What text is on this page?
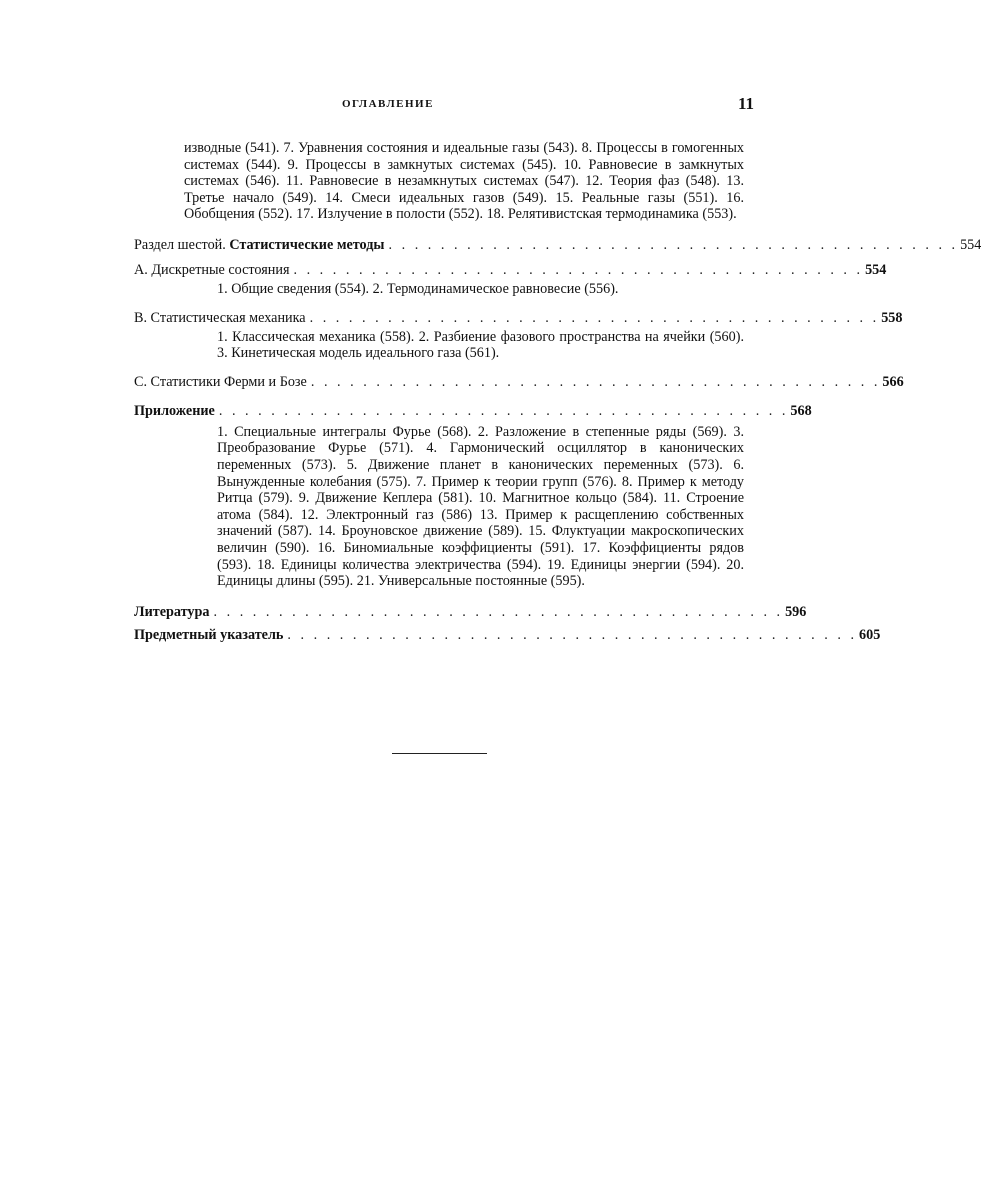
ОГЛАВЛЕНИЕ	11
изводные (541). 7. Уравнения состояния и идеальные газы (543). 8. Процессы в гомогенных системах (544). 9. Процессы в замкнутых системах (545). 10. Равновесие в замкнутых системах (546). 11. Равновесие в незамкнутых системах (547). 12. Теория фаз (548). 13. Третье начало (549). 14. Смеси идеальных газов (549). 15. Реальные газы (551). 16. Обобщения (552). 17. Излучение в полости (552). 18. Релятивистская термодинамика (553).
Раздел шестой. Статистические методы . . . . . . . . . . . . . . . . . . . . . . . . . . . . . . . . . . . . . . . . . . . . 554
А. Дискретные состояния . . . . . . . . . . . . . . . . . . . . . . . . . . . . . . . . . . . . . . . . . . . . 554
1. Общие сведения (554). 2. Термодинамическое равновесие (556).
В. Статистическая механика . . . . . . . . . . . . . . . . . . . . . . . . . . . . . . . . . . . . . . . . . . . . 558
1. Классическая механика (558). 2. Разбиение фазового пространства на ячейки (560). 3. Кинетическая модель идеального газа (561).
С. Статистики Ферми и Бозе . . . . . . . . . . . . . . . . . . . . . . . . . . . . . . . . . . . . . . . . . . . . 566
Приложение . . . . . . . . . . . . . . . . . . . . . . . . . . . . . . . . . . . . . . . . . . . . 568
1. Специальные интегралы Фурье (568). 2. Разложение в степенные ряды (569). 3. Преобразование Фурье (571). 4. Гармонический осциллятор в канонических переменных (573). 5. Движение планет в канонических переменных (573). 6. Вынужденные колебания (575). 7. Пример к теории групп (576). 8. Пример к методу Ритца (579). 9. Движение Кеплера (581). 10. Магнитное кольцо (584). 11. Строение атома (584). 12. Электронный газ (586) 13. Пример к расщеплению собственных значений (587). 14. Броуновское движение (589). 15. Флуктуации макроскопических величин (590). 16. Биномиальные коэффициенты (591). 17. Коэффициенты рядов (593). 18. Единицы количества электричества (594). 19. Единицы энергии (594). 20. Единицы длины (595). 21. Универсальные постоянные (595).
Литература . . . . . . . . . . . . . . . . . . . . . . . . . . . . . . . . . . . . . . . . . . . . 596
Предметный указатель . . . . . . . . . . . . . . . . . . . . . . . . . . . . . . . . . . . . . . . . . . . . 605
